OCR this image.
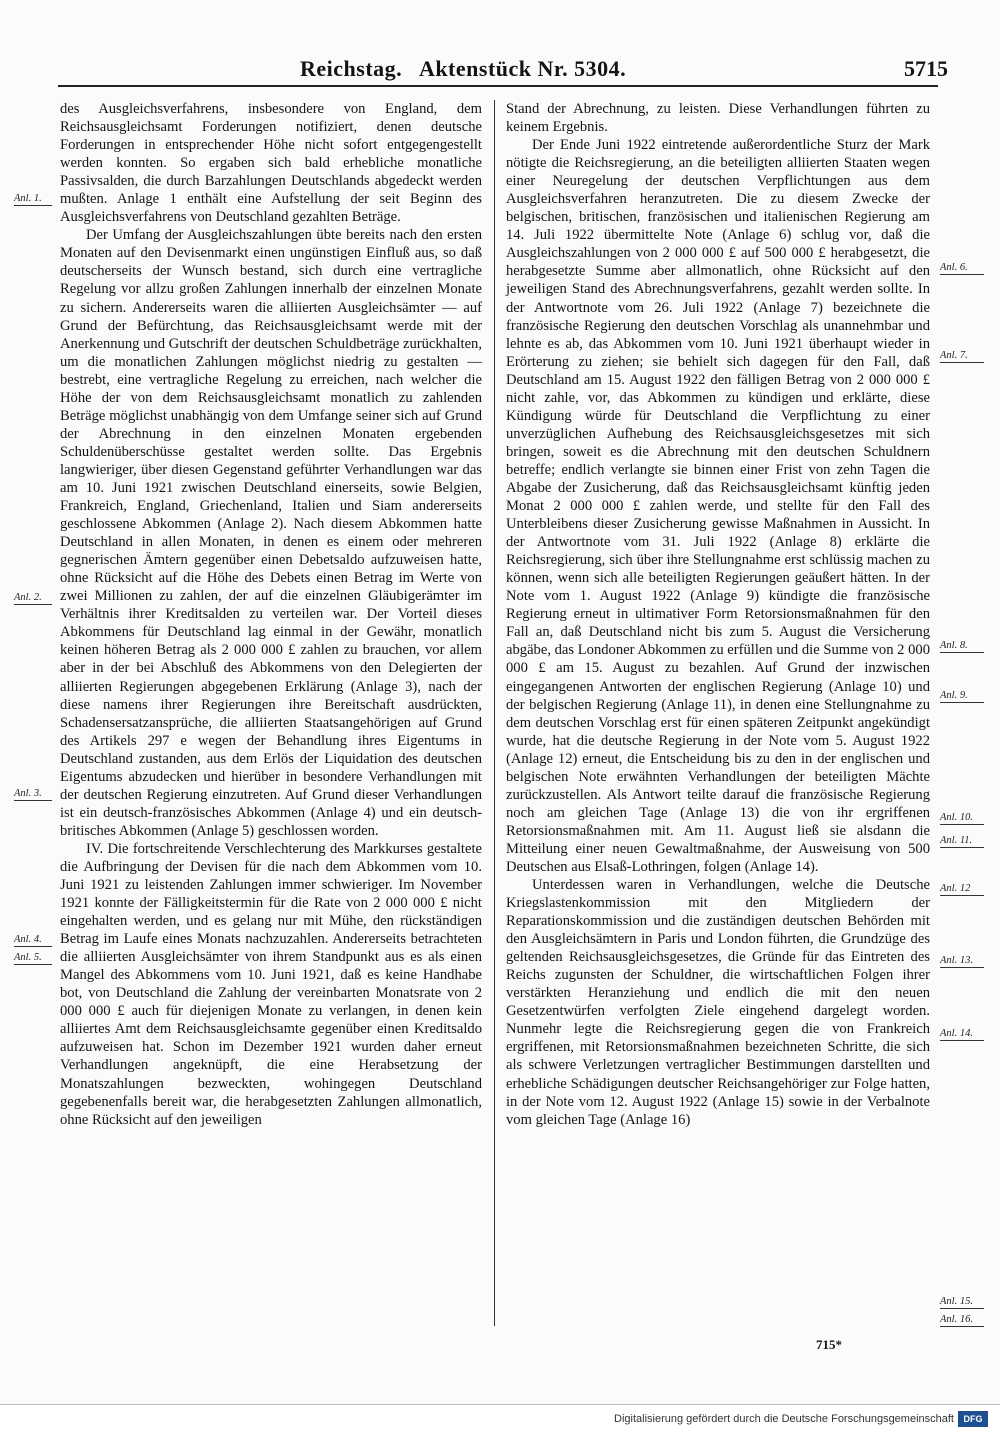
Reichstag.   Aktenstück Nr. 5304.	5715

des Ausgleichsverfahrens, insbesondere von England, dem Reichsausgleichsamt Forderungen notifiziert, denen deutsche Forderungen in entsprechender Höhe nicht sofort entgegengestellt werden konnten. So ergaben sich bald erhebliche monatliche Passivsalden, die durch Barzahlungen Deutschlands abgedeckt werden mußten. Anlage 1 enthält eine Aufstellung der seit Beginn des Ausgleichsverfahrens von Deutschland gezahlten Beträge.

Der Umfang der Ausgleichszahlungen übte bereits nach den ersten Monaten auf den Devisenmarkt einen ungünstigen Einfluß aus, so daß deutscherseits der Wunsch bestand, sich durch eine vertragliche Regelung vor allzu großen Zahlungen innerhalb der einzelnen Monate zu sichern. Andererseits waren die alliierten Ausgleichsämter — auf Grund der Befürchtung, das Reichsausgleichsamt werde mit der Anerkennung und Gutschrift der deutschen Schuldbeträge zurückhalten, um die monatlichen Zahlungen möglichst niedrig zu gestalten — bestrebt, eine vertragliche Regelung zu erreichen, nach welcher die Höhe der von dem Reichsausgleichsamt monatlich zu zahlenden Beträge möglichst unabhängig von dem Umfange seiner sich auf Grund der Abrechnung in den einzelnen Monaten ergebenden Schuldenüberschüsse gestaltet werden sollte. Das Ergebnis langwieriger, über diesen Gegenstand geführter Verhandlungen war das am 10. Juni 1921 zwischen Deutschland einerseits, sowie Belgien, Frankreich, England, Griechenland, Italien und Siam andererseits geschlossene Abkommen (Anlage 2). Nach diesem Abkommen hatte Deutschland in allen Monaten, in denen es einem oder mehreren gegnerischen Ämtern gegenüber einen Debetsaldo aufzuweisen hatte, ohne Rücksicht auf die Höhe des Debets einen Betrag im Werte von zwei Millionen zu zahlen, der auf die einzelnen Gläubigerämter im Verhältnis ihrer Kreditsalden zu verteilen war. Der Vorteil dieses Abkommens für Deutschland lag einmal in der Gewähr, monatlich keinen höheren Betrag als 2 000 000 £ zahlen zu brauchen, vor allem aber in der bei Abschluß des Abkommens von den Delegierten der alliierten Regierungen abgegebenen Erklärung (Anlage 3), nach der diese namens ihrer Regierungen ihre Bereitschaft ausdrückten, Schadensersatzansprüche, die alliierten Staatsangehörigen auf Grund des Artikels 297 e wegen der Behandlung ihres Eigentums in Deutschland zustanden, aus dem Erlös der Liquidation des deutschen Eigentums abzudecken und hierüber in besondere Verhandlungen mit der deutschen Regierung einzutreten. Auf Grund dieser Verhandlungen ist ein deutsch-französisches Abkommen (Anlage 4) und ein deutsch-britisches Abkommen (Anlage 5) geschlossen worden.

IV. Die fortschreitende Verschlechterung des Markkurses gestaltete die Aufbringung der Devisen für die nach dem Abkommen vom 10. Juni 1921 zu leistenden Zahlungen immer schwieriger. Im November 1921 konnte der Fälligkeitstermin für die Rate von 2 000 000 £ nicht eingehalten werden, und es gelang nur mit Mühe, den rückständigen Betrag im Laufe eines Monats nachzuzahlen. Andererseits betrachteten die alliierten Ausgleichsämter von ihrem Standpunkt aus es als einen Mangel des Abkommens vom 10. Juni 1921, daß es keine Handhabe bot, von Deutschland die Zahlung der vereinbarten Monatsrate von 2 000 000 £ auch für diejenigen Monate zu verlangen, in denen kein alliiertes Amt dem Reichsausgleichsamte gegenüber einen Kreditsaldo aufzuweisen hat. Schon im Dezember 1921 wurden daher erneut Verhandlungen angeknüpft, die eine Herabsetzung der Monatszahlungen bezweckten, wohingegen Deutschland gegebenenfalls bereit war, die herabgesetzten Zahlungen allmonatlich, ohne Rücksicht auf den jeweiligen

Stand der Abrechnung, zu leisten. Diese Verhandlungen führten zu keinem Ergebnis.

Der Ende Juni 1922 eintretende außerordentliche Sturz der Mark nötigte die Reichsregierung, an die beteiligten alliierten Staaten wegen einer Neuregelung der deutschen Verpflichtungen aus dem Ausgleichsverfahren heranzutreten. Die zu diesem Zwecke der belgischen, britischen, französischen und italienischen Regierung am 14. Juli 1922 übermittelte Note (Anlage 6) schlug vor, daß die Ausgleichszahlungen von 2 000 000 £ auf 500 000 £ herabgesetzt, die herabgesetzte Summe aber allmonatlich, ohne Rücksicht auf den jeweiligen Stand des Abrechnungsverfahrens, gezahlt werden sollte. In der Antwortnote vom 26. Juli 1922 (Anlage 7) bezeichnete die französische Regierung den deutschen Vorschlag als unannehmbar und lehnte es ab, das Abkommen vom 10. Juni 1921 überhaupt wieder in Erörterung zu ziehen; sie behielt sich dagegen für den Fall, daß Deutschland am 15. August 1922 den fälligen Betrag von 2 000 000 £ nicht zahle, vor, das Abkommen zu kündigen und erklärte, diese Kündigung würde für Deutschland die Verpflichtung zu einer unverzüglichen Aufhebung des Reichsausgleichsgesetzes mit sich bringen, soweit es die Abrechnung mit den deutschen Schuldnern betreffe; endlich verlangte sie binnen einer Frist von zehn Tagen die Abgabe der Zusicherung, daß das Reichsausgleichsamt künftig jeden Monat 2 000 000 £ zahlen werde, und stellte für den Fall des Unterbleibens dieser Zusicherung gewisse Maßnahmen in Aussicht. In der Antwortnote vom 31. Juli 1922 (Anlage 8) erklärte die Reichsregierung, sich über ihre Stellungnahme erst schlüssig machen zu können, wenn sich alle beteiligten Regierungen geäußert hätten. In der Note vom 1. August 1922 (Anlage 9) kündigte die französische Regierung erneut in ultimativer Form Retorsionsmaßnahmen für den Fall an, daß Deutschland nicht bis zum 5. August die Versicherung abgäbe, das Londoner Abkommen zu erfüllen und die Summe von 2 000 000 £ am 15. August zu bezahlen. Auf Grund der inzwischen eingegangenen Antworten der englischen Regierung (Anlage 10) und der belgischen Regierung (Anlage 11), in denen eine Stellungnahme zu dem deutschen Vorschlag erst für einen späteren Zeitpunkt angekündigt wurde, hat die deutsche Regierung in der Note vom 5. August 1922 (Anlage 12) erneut, die Entscheidung bis zu den in der englischen und belgischen Note erwähnten Verhandlungen der beteiligten Mächte zurückzustellen. Als Antwort teilte darauf die französische Regierung noch am gleichen Tage (Anlage 13) die von ihr ergriffenen Retorsionsmaßnahmen mit. Am 11. August ließ sie alsdann die Mitteilung einer neuen Gewaltmaßnahme, der Ausweisung von 500 Deutschen aus Elsaß-Lothringen, folgen (Anlage 14).

Unterdessen waren in Verhandlungen, welche die Deutsche Kriegslastenkommission mit den Mitgliedern der Reparationskommission und die zuständigen deutschen Behörden mit den Ausgleichsämtern in Paris und London führten, die Grundzüge des geltenden Reichsausgleichsgesetzes, die Gründe für das Eintreten des Reichs zugunsten der Schuldner, die wirtschaftlichen Folgen ihrer verstärkten Heranziehung und endlich die mit den neuen Gesetzentwürfen verfolgten Ziele eingehend dargelegt worden. Nunmehr legte die Reichsregierung gegen die von Frankreich ergriffenen, mit Retorsionsmaßnahmen bezeichneten Schritte, die sich als schwere Verletzungen vertraglicher Bestimmungen darstellten und erhebliche Schädigungen deutscher Reichsangehöriger zur Folge hatten, in der Note vom 12. August 1922 (Anlage 15) sowie in der Verbalnote vom gleichen Tage (Anlage 16)

Anl. 1.
Anl. 2.
Anl. 3.
Anl. 4.
Anl. 5.
Anl. 6.
Anl. 7.
Anl. 8.
Anl. 9.
Anl. 10.
Anl. 11.
Anl. 12
Anl. 13.
Anl. 14.
Anl. 15.
Anl. 16.
715*
Digitalisierung gefördert durch die Deutsche Forschungsgemeinschaft	DFG
